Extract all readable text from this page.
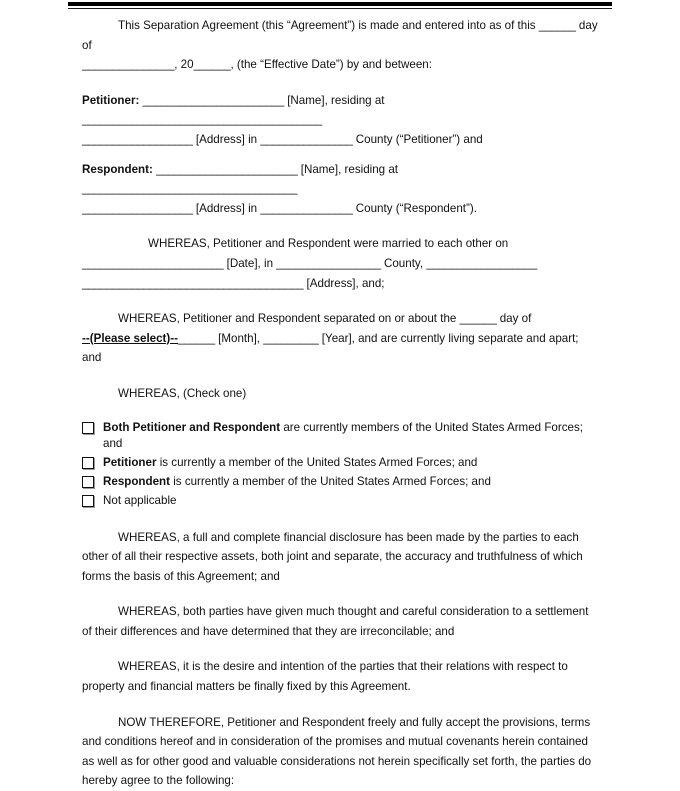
This Separation Agreement (this “Agreement”) is made and entered into as of this ______ day of
_______________, 20______, (the “Effective Date”) by and between:

Petitioner: _______________________ [Name], residing at _______________________________________
__________________ [Address] in _______________ County (“Petitioner”) and

Respondent: _______________________ [Name], residing at ___________________________________
__________________ [Address] in _______________ County (“Respondent”).

WHEREAS, Petitioner and Respondent were married to each other on
_______________________ [Date], in _________________ County, __________________
____________________________________ [Address], and;

WHEREAS, Petitioner and Respondent separated on or about the ______ day of
--(Please select)--______ [Month], _________ [Year], and are currently living separate and apart; and

WHEREAS, (Check one)

Both Petitioner and Respondent are currently members of the United States Armed Forces; and
Petitioner is currently a member of the United States Armed Forces; and
Respondent is currently a member of the United States Armed Forces; and
Not applicable

WHEREAS, a full and complete financial disclosure has been made by the parties to each other of all their respective assets, both joint and separate, the accuracy and truthfulness of which forms the basis of this Agreement; and

WHEREAS, both parties have given much thought and careful consideration to a settlement of their differences and have determined that they are irreconcilable; and

WHEREAS, it is the desire and intention of the parties that their relations with respect to property and financial matters be finally fixed by this Agreement.

NOW THEREFORE, Petitioner and Respondent freely and fully accept the provisions, terms and conditions hereof and in consideration of the promises and mutual covenants herein contained as well as for other good and valuable considerations not herein specifically set forth, the parties do hereby agree to the following:
